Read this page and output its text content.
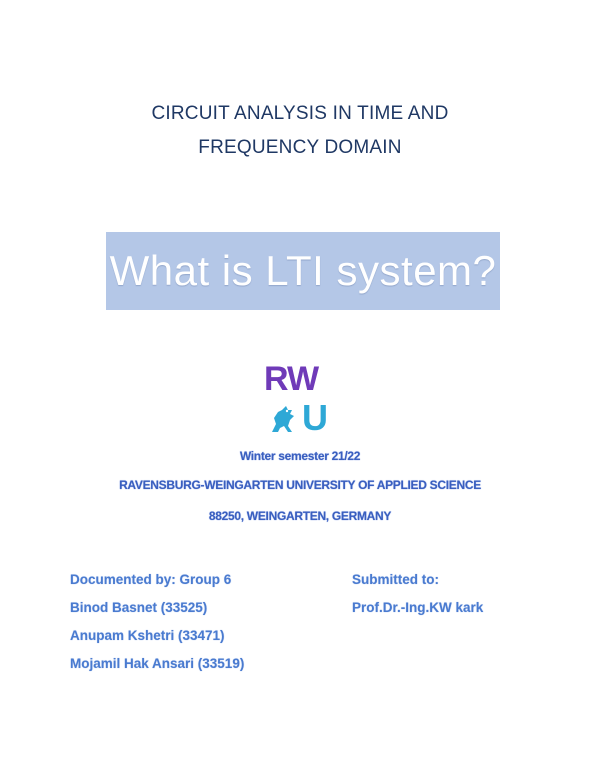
CIRCUIT ANALYSIS IN TIME AND
FREQUENCY DOMAIN
What is LTI system?
RW
U
Winter semester 21/22
RAVENSBURG-WEINGARTEN UNIVERSITY OF APPLIED SCIENCE
88250, WEINGARTEN, GERMANY
Documented by: Group 6
Binod Basnet (33525)
Anupam Kshetri (33471)
Mojamil Hak Ansari (33519)
Submitted to:
Prof.Dr.-Ing.KW kark
